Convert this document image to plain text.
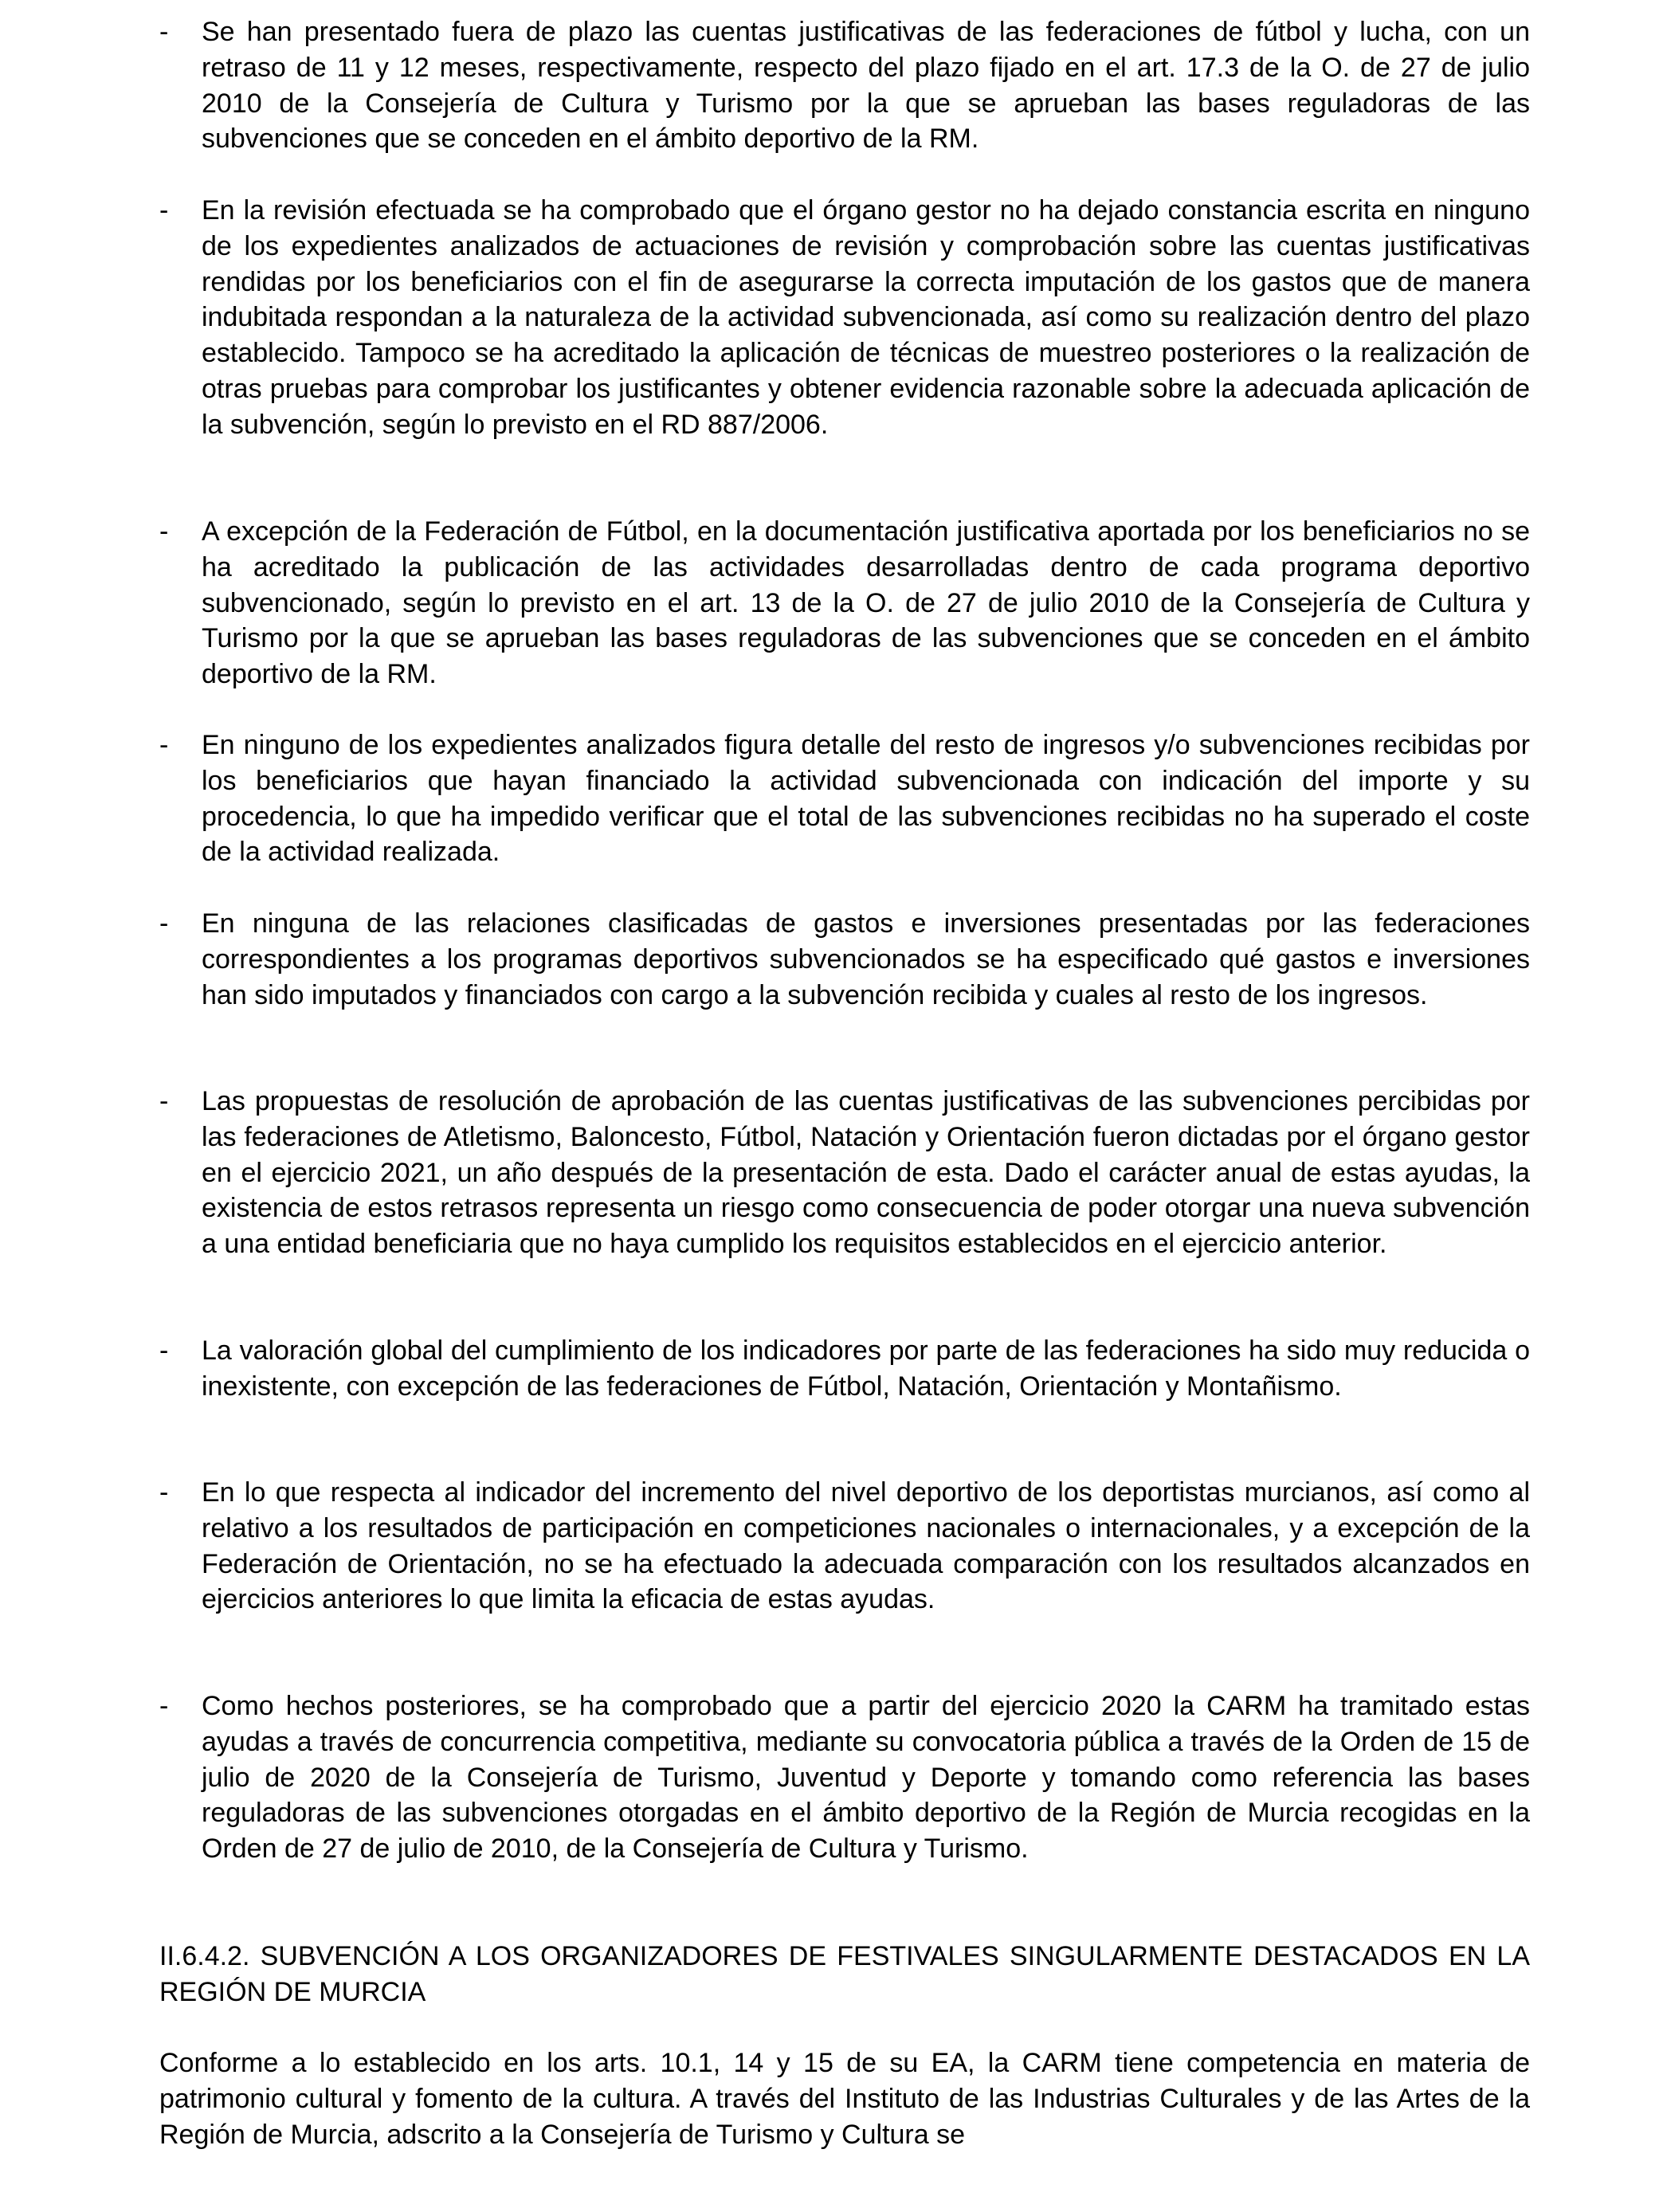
- Se han presentado fuera de plazo las cuentas justificativas de las federaciones de fútbol y lucha, con un retraso de 11 y 12 meses, respectivamente, respecto del plazo fijado en el art. 17.3 de la O. de 27 de julio 2010 de la Consejería de Cultura y Turismo por la que se aprueban las bases reguladoras de las subvenciones que se conceden en el ámbito deportivo de la RM.

- En la revisión efectuada se ha comprobado que el órgano gestor no ha dejado constancia escrita en ninguno de los expedientes analizados de actuaciones de revisión y comprobación sobre las cuentas justificativas rendidas por los beneficiarios con el fin de asegurarse la correcta imputación de los gastos que de manera indubitada respondan a la naturaleza de la actividad subvencionada, así como su realización dentro del plazo establecido. Tampoco se ha acreditado la aplicación de técnicas de muestreo posteriores o la realización de otras pruebas para comprobar los justificantes y obtener evidencia razonable sobre la adecuada aplicación de la subvención, según lo previsto en el RD 887/2006.

- A excepción de la Federación de Fútbol, en la documentación justificativa aportada por los beneficiarios no se ha acreditado la publicación de las actividades desarrolladas dentro de cada programa deportivo subvencionado, según lo previsto en el art. 13 de la O. de 27 de julio 2010 de la Consejería de Cultura y Turismo por la que se aprueban las bases reguladoras de las subvenciones que se conceden en el ámbito deportivo de la RM.

- En ninguno de los expedientes analizados figura detalle del resto de ingresos y/o subvenciones recibidas por los beneficiarios que hayan financiado la actividad subvencionada con indicación del importe y su procedencia, lo que ha impedido verificar que el total de las subvenciones recibidas no ha superado el coste de la actividad realizada.

- En ninguna de las relaciones clasificadas de gastos e inversiones presentadas por las federaciones correspondientes a los programas deportivos subvencionados se ha especificado qué gastos e inversiones han sido imputados y financiados con cargo a la subvención recibida y cuales al resto de los ingresos.

- Las propuestas de resolución de aprobación de las cuentas justificativas de las subvenciones percibidas por las federaciones de Atletismo, Baloncesto, Fútbol, Natación y Orientación fueron dictadas por el órgano gestor en el ejercicio 2021, un año después de la presentación de esta. Dado el carácter anual de estas ayudas, la existencia de estos retrasos representa un riesgo como consecuencia de poder otorgar una nueva subvención a una entidad beneficiaria que no haya cumplido los requisitos establecidos en el ejercicio anterior.

- La valoración global del cumplimiento de los indicadores por parte de las federaciones ha sido muy reducida o inexistente, con excepción de las federaciones de Fútbol, Natación, Orientación y Montañismo.

- En lo que respecta al indicador del incremento del nivel deportivo de los deportistas murcianos, así como al relativo a los resultados de participación en competiciones nacionales o internacionales, y a excepción de la Federación de Orientación, no se ha efectuado la adecuada comparación con los resultados alcanzados en ejercicios anteriores lo que limita la eficacia de estas ayudas.

- Como hechos posteriores, se ha comprobado que a partir del ejercicio 2020 la CARM ha tramitado estas ayudas a través de concurrencia competitiva, mediante su convocatoria pública a través de la Orden de 15 de julio de 2020 de la Consejería de Turismo, Juventud y Deporte y tomando como referencia las bases reguladoras de las subvenciones otorgadas en el ámbito deportivo de la Región de Murcia recogidas en la Orden de 27 de julio de 2010, de la Consejería de Cultura y Turismo.

II.6.4.2. SUBVENCIÓN A LOS ORGANIZADORES DE FESTIVALES SINGULARMENTE DESTACADOS EN LA REGIÓN DE MURCIA

Conforme a lo establecido en los arts. 10.1, 14 y 15 de su EA, la CARM tiene competencia en materia de patrimonio cultural y fomento de la cultura. A través del Instituto de las Industrias Culturales y de las Artes de la Región de Murcia, adscrito a la Consejería de Turismo y Cultura se
